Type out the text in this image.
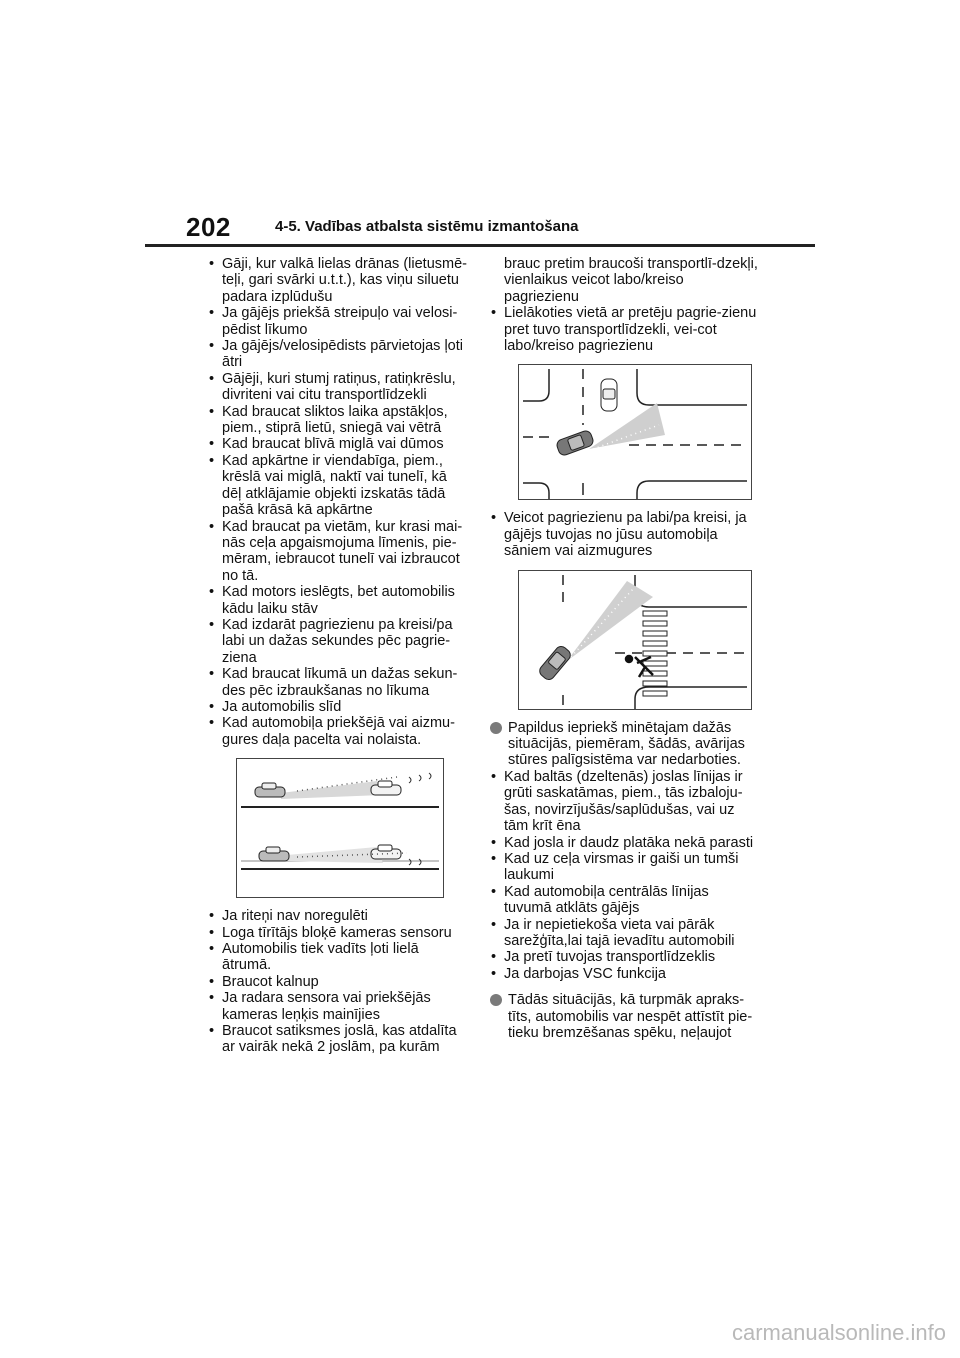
202	4-5. Vadības atbalsta sistēmu izmantošana
• Gāji, kur valkā lielas drānas (lietusmē-teļi, gari svārki u.t.t.), kas viņu siluetu padara izplūdušu
• Ja gājējs priekšā streipuļo vai velosi-pēdist līkumo
• Ja gājējs/velosipēdists pārvietojas ļoti ātri
• Gājēji, kuri stumj ratiņus, ratiņkrēslu, divriteni vai citu transportlīdzekli
• Kad braucat sliktos laika apstākļos, piem., stiprā lietū, sniegā vai vētrā
• Kad braucat blīvā miglā vai dūmos
• Kad apkārtne ir viendabīga, piem., krēslā vai miglā, naktī vai tunelī, kā dēļ atklājamie objekti izskatās tādā pašā krāsā kā apkārtne
• Kad braucat pa vietām, kur krasi mai-nās ceļa apgaismojuma līmenis, pie-mēram, iebraucot tunelī vai izbraucot no tā.
• Kad motors ieslēgts, bet automobilis kādu laiku stāv
• Kad izdarāt pagriezienu pa kreisi/pa labi un dažas sekundes pēc pagrie-ziena
• Kad braucat līkumā un dažas sekun-des pēc izbraukšanas no līkuma
• Ja automobilis slīd
• Kad automobiļa priekšējā vai aizmu-gures daļa pacelta vai nolaista.
• Ja riteņi nav noregulēti
• Loga tīrītājs bloķē kameras sensoru
• Automobilis tiek vadīts ļoti lielā ātrumā.
• Braucot kalnup
• Ja radara sensora vai priekšējās kameras leņķis mainījies
• Braucot satiksmes joslā, kas atdalīta ar vairāk nekā 2 joslām, pa kurām
brauc pretim braucoši transportlī-dzekļi, vienlaikus veicot labo/kreiso pagriezienu
• Lielākoties vietā ar pretēju pagrie-zienu pret tuvo transportlīdzekli, vei-cot labo/kreiso pagriezienu
• Veicot pagriezienu pa labi/pa kreisi, ja gājējs tuvojas no jūsu automobiļa sāniem vai aizmugures
Papildus iepriekš minētajam dažās situācijās, piemēram, šādās, avārijas stūres palīgsistēma var nedarboties.
• Kad baltās (dzeltenās) joslas līnijas ir grūti saskatāmas, piem., tās izbaloju-šas, novirzījušās/saplūdušas, vai uz tām krīt ēna
• Kad josla ir daudz platāka nekā parasti
• Kad uz ceļa virsmas ir gaiši un tumši laukumi
• Kad automobiļa centrālās līnijas tuvumā atklāts gājējs
• Ja ir nepietiekoša vieta vai pārāk sarežģīta,lai tajā ievadītu automobili
• Ja pretī tuvojas transportlīdzeklis
• Ja darbojas VSC funkcija
Tādās situācijās, kā turpmāk apraks-tīts, automobilis var nespēt attīstīt pie-tieku bremzēšanas spēku, neļaujot
carmanualsonline.info
